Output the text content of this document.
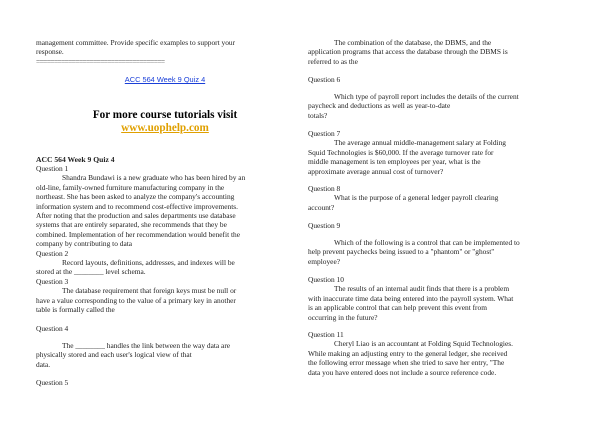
management committee. Provide specific examples to support your

response.

====================================

ACC 564 Week 9 Quiz 4
For more course tutorials visit
www.uophelp.com

ACC 564 Week 9 Quiz 4

Question 1

Shandra Bundawi is a new graduate who has been hired by an

old-line, family-owned furniture manufacturing company in the

northeast. She has been asked to analyze the company's accounting

information system and to recommend cost-effective improvements.

After noting that the production and sales departments use database

systems that are entirely separated, she recommends that they be

combined. Implementation of her recommendation would benefit the

company by contributing to data

Question 2

Record layouts, definitions, addresses, and indexes will be

stored at the ________ level schema.

Question 3

The database requirement that foreign keys must be null or

have a value corresponding to the value of a primary key in another

table is formally called the

Question 4

The ________ handles the link between the way data are

physically stored and each user's logical view of that

data.

Question 5

The combination of the database, the DBMS, and the

application programs that access the database through the DBMS is

referred to as the

Question 6

Which type of payroll report includes the details of the current

paycheck and deductions as well as year-to-date

totals?

Question 7

The average annual middle-management salary at Folding

Squid Technologies is $60,000. If the average turnover rate for

middle management is ten employees per year, what is the

approximate average annual cost of turnover?

Question 8

What is the purpose of a general ledger payroll clearing

account?

Question 9

Which of the following is a control that can be implemented to

help prevent paychecks being issued to a "phantom" or "ghost"

employee?

Question 10

The results of an internal audit finds that there is a problem

with inaccurate time data being entered into the payroll system. What

is an applicable control that can help prevent this event from

occurring in the future?

Question 11

Cheryl Liao is an accountant at Folding Squid Technologies.

While making an adjusting entry to the general ledger, she received

the following error message when she tried to save her entry, "The

data you have entered does not include a source reference code.
